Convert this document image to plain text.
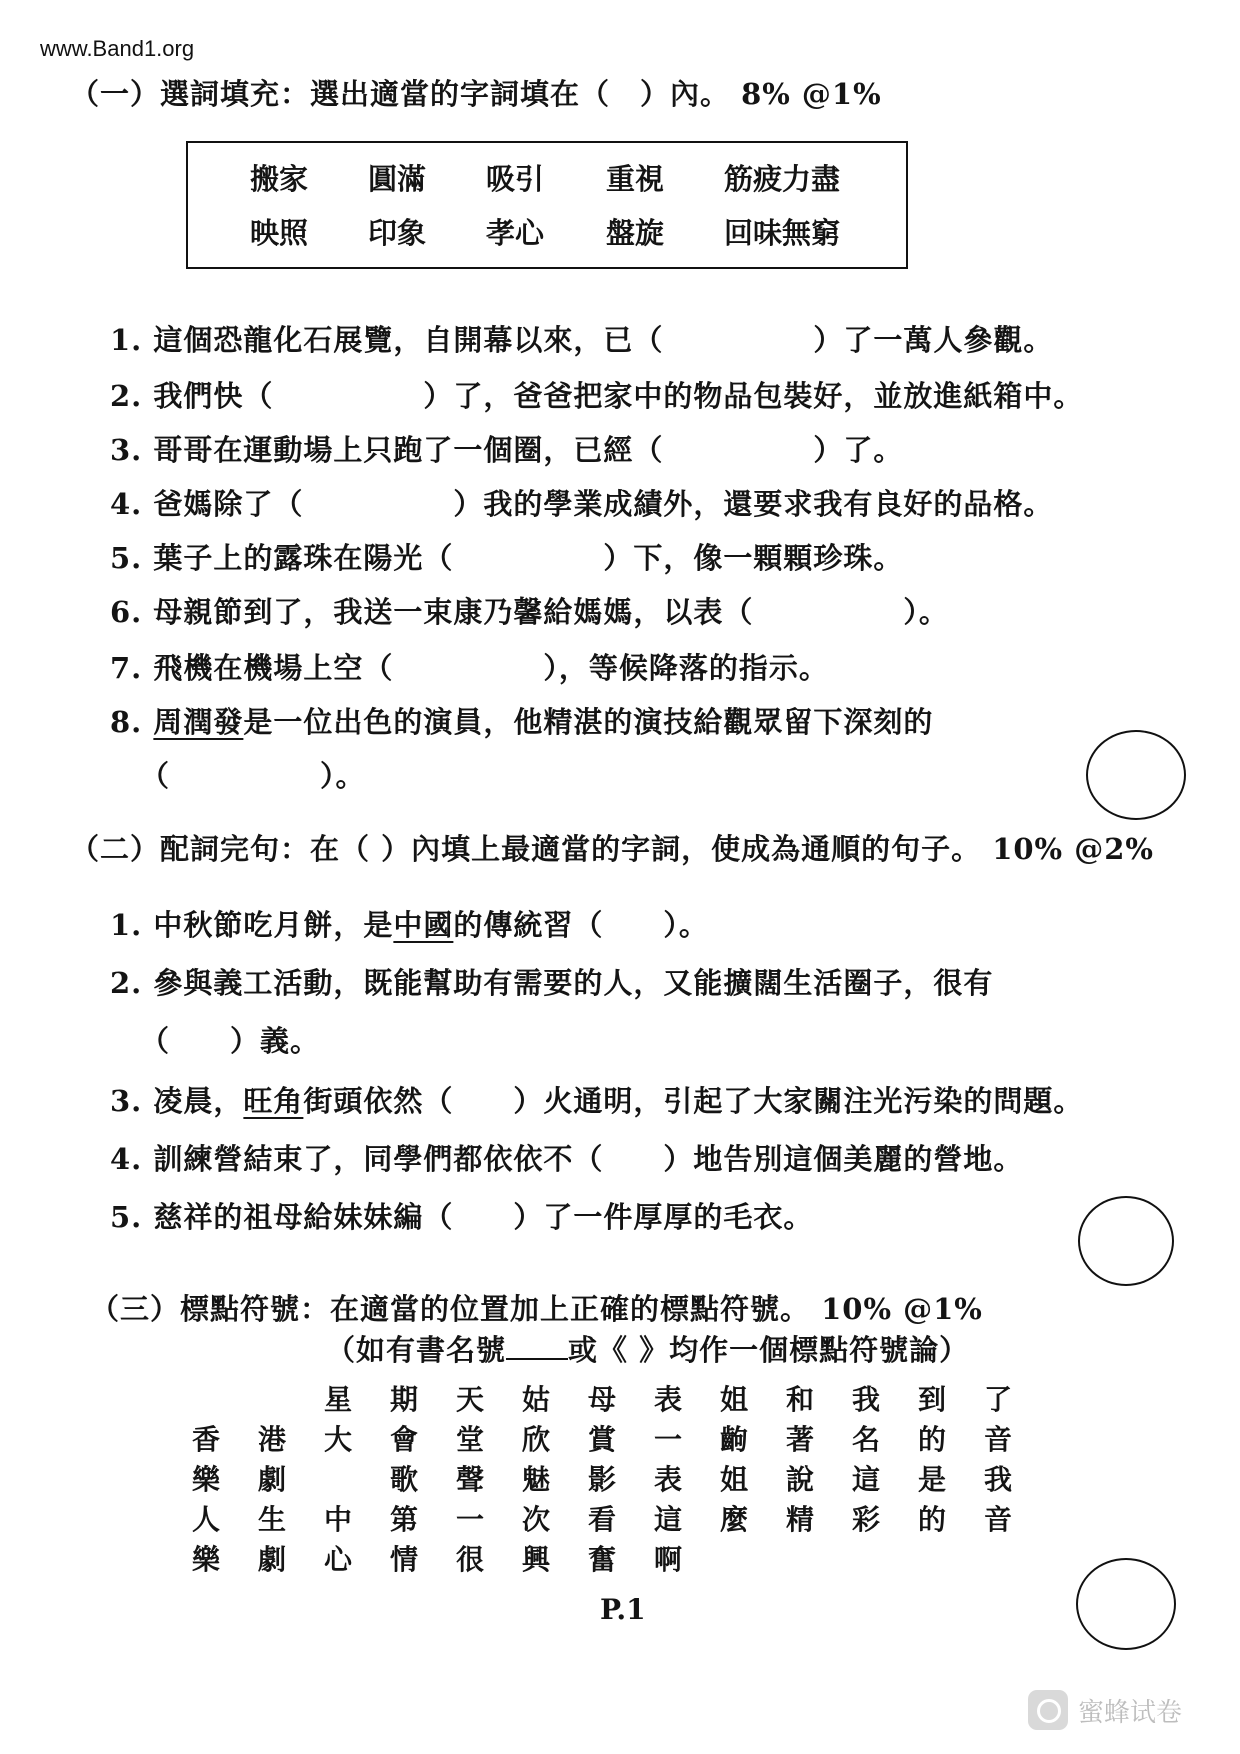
www.Band1.org
（一）選詞填充：選出適當的字詞填在（　）內。 8% @1%
搬家 圓滿 吸引 重視 筋疲力盡
映照 印象 孝心 盤旋 回味無窮
1. 這個恐龍化石展覽，自開幕以來，已（　　　　　）了一萬人參觀。
2. 我們快（　　　　　）了，爸爸把家中的物品包裝好，並放進紙箱中。
3. 哥哥在運動場上只跑了一個圈，已經（　　　　　）了。
4. 爸媽除了（　　　　　）我的學業成績外，還要求我有良好的品格。
5. 葉子上的露珠在陽光（　　　　　）下，像一顆顆珍珠。
6. 母親節到了，我送一束康乃馨給媽媽，以表（　　　　　）。
7. 飛機在機場上空（　　　　　），等候降落的指示。
8. 周潤發是一位出色的演員，他精湛的演技給觀眾留下深刻的
（　　　　　）。
（二）配詞完句：在（ ）內填上最適當的字詞，使成為通順的句子。 10% @2%
1. 中秋節吃月餅，是中國的傳統習（　　）。
2. 參與義工活動，既能幫助有需要的人，又能擴闊生活圈子，很有
（　　）義。
3. 凌晨，旺角街頭依然（　　）火通明，引起了大家關注光污染的問題。
4. 訓練營結束了，同學們都依依不（　　）地告別這個美麗的營地。
5. 慈祥的祖母給妹妹編（　　）了一件厚厚的毛衣。
（三）標點符號：在適當的位置加上正確的標點符號。 10% @1%
（如有書名號 或《 》均作一個標點符號論）
星 期 天 姑 母 表 姐 和 我 到 了
香 港 大 會 堂 欣 賞 一 齣 著 名 的 音
樂 劇	歌 聲 魅 影 表 姐 說 這 是 我
人 生 中 第 一 次 看 這 麼 精 彩 的 音
樂 劇 心 情 很 興 奮 啊
P.1
蜜蜂试卷
